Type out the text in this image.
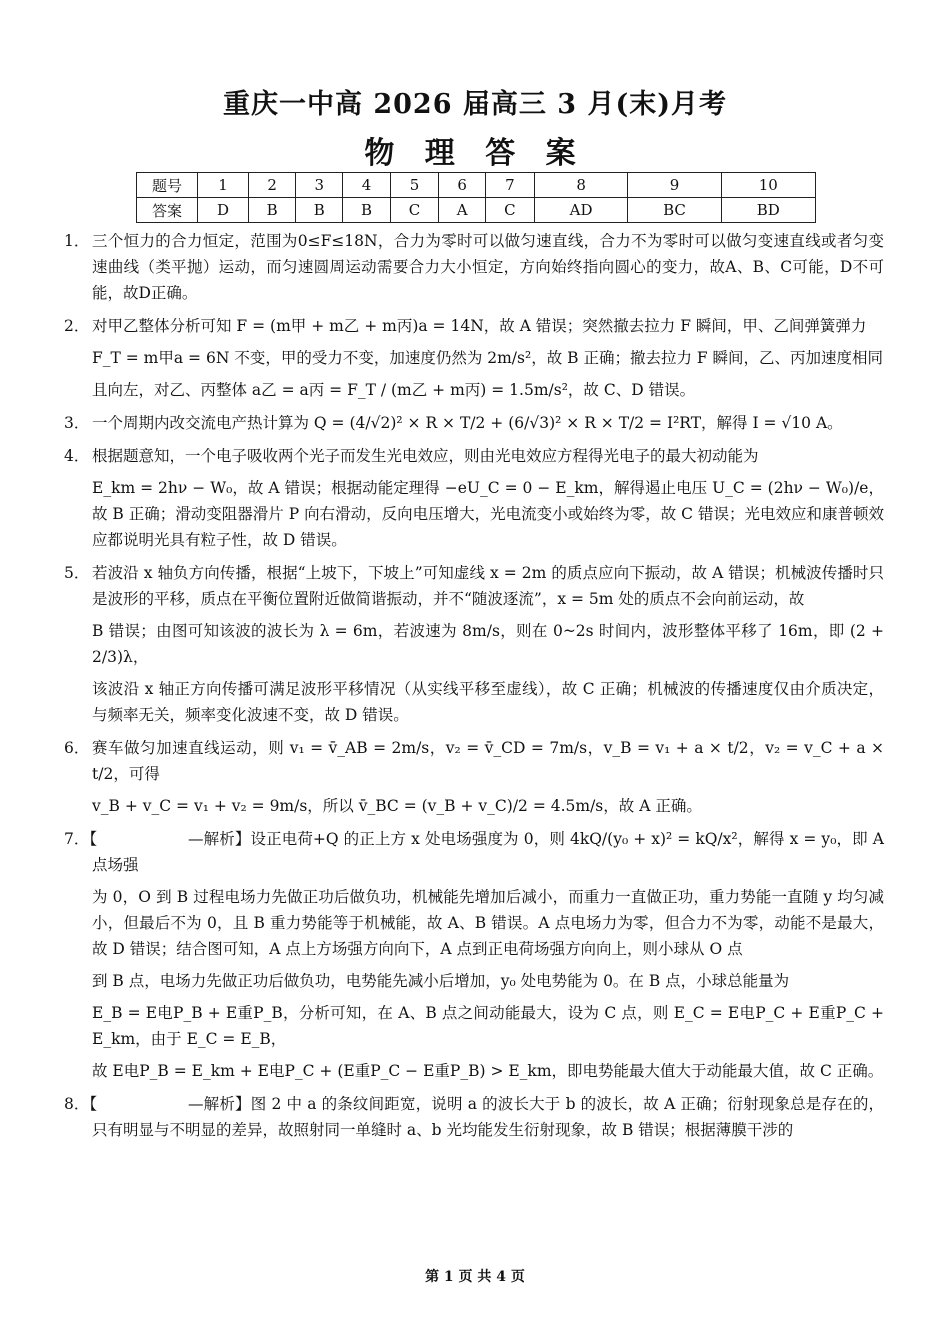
重庆一中高 2026 届高三 3 月(末)月考
物 理 答 案
题号	1	2	3	4	5	6	7	8	9	10
答案	D	B	B	B	C	A	C	AD	BC	BD
1． 三个恒力的合力恒定，范围为0≤F≤18N，合力为零时可以做匀速直线，合力不为零时可以做匀变速直线或者匀变速曲线（类平抛）运动，而匀速圆周运动需要合力大小恒定，方向始终指向圆心的变力，故A、B、C可能，D不可能，故D正确。

2． 对甲乙整体分析可知 F = (m甲 + m乙 + m丙)a = 14N，故 A 错误；突然撤去拉力 F 瞬间，甲、乙间弹簧弹力

F_T = m甲a = 6N 不变，甲的受力不变，加速度仍然为 2m/s²，故 B 正确；撤去拉力 F 瞬间，乙、丙加速度相同

且向左，对乙、丙整体 a乙 = a丙 = F_T / (m乙 + m丙) = 1.5m/s²，故 C、D 错误。

3． 一个周期内改交流电产热计算为 Q = (4/√2)² × R × T/2 + (6/√3)² × R × T/2 = I²RT，解得 I = √10 A。

4． 根据题意知，一个电子吸收两个光子而发生光电效应，则由光电效应方程得光电子的最大初动能为

E_km = 2hν − W₀，故 A 错误；根据动能定理得 −eU_C = 0 − E_km，解得遏止电压 U_C = (2hν − W₀)/e，故 B 正确；滑动变阻器滑片 P 向右滑动，反向电压增大，光电流变小或始终为零，故 C 错误；光电效应和康普顿效应都说明光具有粒子性，故 D 错误。

5． 若波沿 x 轴负方向传播，根据“上坡下，下坡上”可知虚线 x = 2m 的质点应向下振动，故 A 错误；机械波传播时只是波形的平移，质点在平衡位置附近做简谐振动，并不“随波逐流”，x = 5m 处的质点不会向前运动，故

B 错误；由图可知该波的波长为 λ = 6m，若波速为 8m/s，则在 0~2s 时间内，波形整体平移了 16m，即 (2 + 2/3)λ，

该波沿 x 轴正方向传播可满足波形平移情况（从实线平移至虚线），故 C 正确；机械波的传播速度仅由介质决定，与频率无关，频率变化波速不变，故 D 错误。

6． 赛车做匀加速直线运动，则 v₁ = v̄_AB = 2m/s，v₂ = v̄_CD = 7m/s，v_B = v₁ + a × t/2，v₂ = v_C + a × t/2，可得

v_B + v_C = v₁ + v₂ = 9m/s，所以 v̄_BC = (v_B + v_C)/2 = 4.5m/s，故 A 正确。

7．【	—解析】设正电荷+Q 的正上方 x 处电场强度为 0，则 4kQ/(y₀ + x)² = kQ/x²，解得 x = y₀，即 A 点场强

为 0，O 到 B 过程电场力先做正功后做负功，机械能先增加后减小，而重力一直做正功，重力势能一直随 y 均匀减小，但最后不为 0，且 B 重力势能等于机械能，故 A、B 错误。A 点电场力为零，但合力不为零，动能不是最大，故 D 错误；结合图可知，A 点上方场强方向向下，A 点到正电荷场强方向向上，则小球从 O 点

到 B 点，电场力先做正功后做负功，电势能先减小后增加，y₀ 处电势能为 0。在 B 点，小球总能量为

E_B = E电P_B + E重P_B，分析可知，在 A、B 点之间动能最大，设为 C 点，则 E_C = E电P_C + E重P_C + E_km，由于 E_C = E_B，

故 E电P_B = E_km + E电P_C + (E重P_C − E重P_B) > E_km，即电势能最大值大于动能最大值，故 C 正确。

8．【	—解析】图 2 中 a 的条纹间距宽，说明 a 的波长大于 b 的波长，故 A 正确；衍射现象总是存在的，只有明显与不明显的差异，故照射同一单缝时 a、b 光均能发生衍射现象，故 B 错误；根据薄膜干涉的

第 1 页 共 4 页
